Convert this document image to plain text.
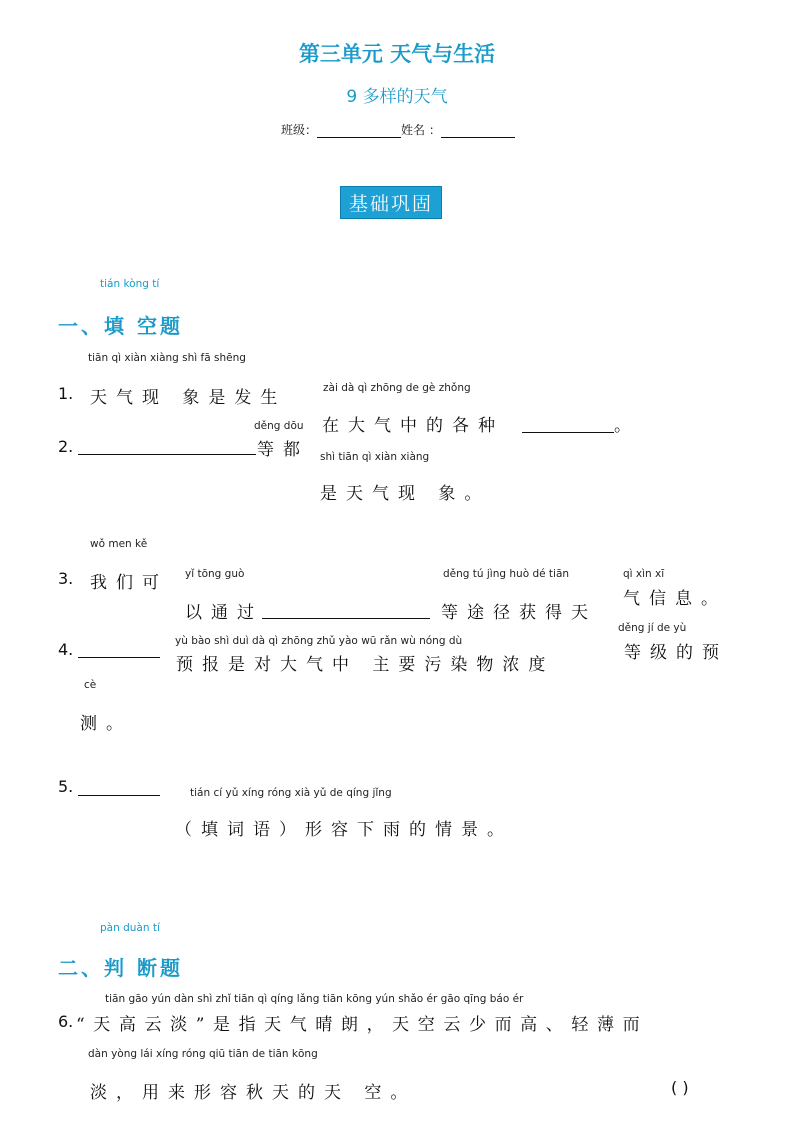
第三单元 天气与生活
9 多样的天气
班级：	姓名 ：
基础巩固
tián kòng tí
一、填 空题
tiān qì xiàn xiàng shì fā shēng
1. 天气现 象是发生	zài dà qì zhōng de gè zhǒng
在大气中的各种	。
2.
děng dōu
等都 shì tiān qì xiàn xiàng
是天气现 象。
wǒ men kě
3. 我们可 yǐ tōng guò
以通过
děng tú jìng huò dé tiān
等途径获得天
qì xìn xī
气信息。
4.	yù bào shì duì dà qì zhōng zhǔ yào wū rǎn wù nóng dù
预报是对大气中 主要污染物浓度
děng jí de yù
等级的预
cè
测。
5.	tián cí yǔ xíng róng xià yǔ de qíng jǐng
（填词语）形容下雨的情景。
pàn duàn tí
二、判 断题
tiān gāo yún dàn shì zhǐ tiān qì qíng lǎng tiān kōng yún shǎo ér gāo qīng báo ér
6. “天高云淡”是指天气晴朗，天空云少而高、轻薄而
dàn yòng lái xíng róng qiū tiān de tiān kōng
淡，用来形容秋天的天 空。	( )
